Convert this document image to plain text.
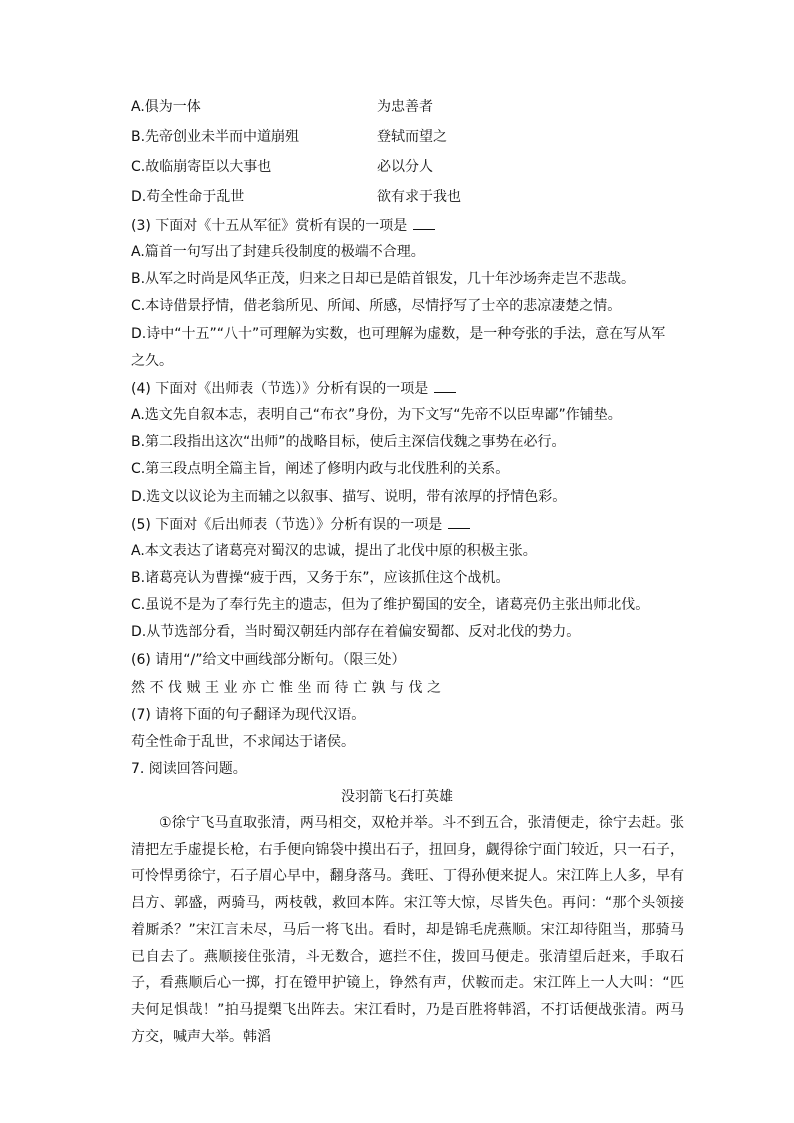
A.俱为一体	为忠善者
B.先帝创业未半而中道崩殂	登轼而望之
C.故临崩寄臣以大事也	必以分人
D.苟全性命于乱世	欲有求于我也
(3) 下面对《十五从军征》赏析有误的一项是
A.篇首一句写出了封建兵役制度的极端不合理。
B.从军之时尚是风华正茂，归来之日却已是皓首银发，几十年沙场奔走岂不悲哉。
C.本诗借景抒情，借老翁所见、所闻、所感，尽情抒写了士卒的悲凉凄楚之情。
D.诗中“十五”“八十”可理解为实数，也可理解为虚数，是一种夸张的手法，意在写从军
之久。
(4) 下面对《出师表（节选）》分析有误的一项是
A.选文先自叙本志，表明自己“布衣”身份，为下文写“先帝不以臣卑鄙”作铺垫。
B.第二段指出这次“出师”的战略目标，使后主深信伐魏之事势在必行。
C.第三段点明全篇主旨，阐述了修明内政与北伐胜利的关系。
D.选文以议论为主而辅之以叙事、描写、说明，带有浓厚的抒情色彩。
(5) 下面对《后出师表（节选）》分析有误的一项是
A.本文表达了诸葛亮对蜀汉的忠诚，提出了北伐中原的积极主张。
B.诸葛亮认为曹操“疲于西，又务于东”，应该抓住这个战机。
C.虽说不是为了奉行先主的遗志，但为了维护蜀国的安全，诸葛亮仍主张出师北伐。
D.从节选部分看，当时蜀汉朝廷内部存在着偏安蜀都、反对北伐的势力。
(6) 请用“/”给文中画线部分断句。（限三处）
然不伐贼王业亦亡惟坐而待亡孰与伐之
(7) 请将下面的句子翻译为现代汉语。
苟全性命于乱世，不求闻达于诸侯。
7. 阅读回答问题。
没羽箭飞石打英雄
①徐宁飞马直取张清，两马相交，双枪并举。斗不到五合，张清便走，徐宁去赶。张清把左手虚提长枪，右手便向锦袋中摸出石子，扭回身，觑得徐宁面门较近，只一石子，可怜悍勇徐宁，石子眉心早中，翻身落马。龚旺、丁得孙便来捉人。宋江阵上人多，早有吕方、郭盛，两骑马，两枝戟，救回本阵。宋江等大惊，尽皆失色。再问：“那个头领接着厮杀？”宋江言未尽，马后一将飞出。看时，却是锦毛虎燕顺。宋江却待阻当，那骑马已自去了。燕顺接住张清，斗无数合，遮拦不住，拨回马便走。张清望后赶来，手取石子，看燕顺后心一掷，打在镫甲护镜上，铮然有声，伏鞍而走。宋江阵上一人大叫：“匹夫何足惧哉！”拍马提槊飞出阵去。宋江看时，乃是百胜将韩滔，不打话便战张清。两马方交，喊声大举。韩滔
